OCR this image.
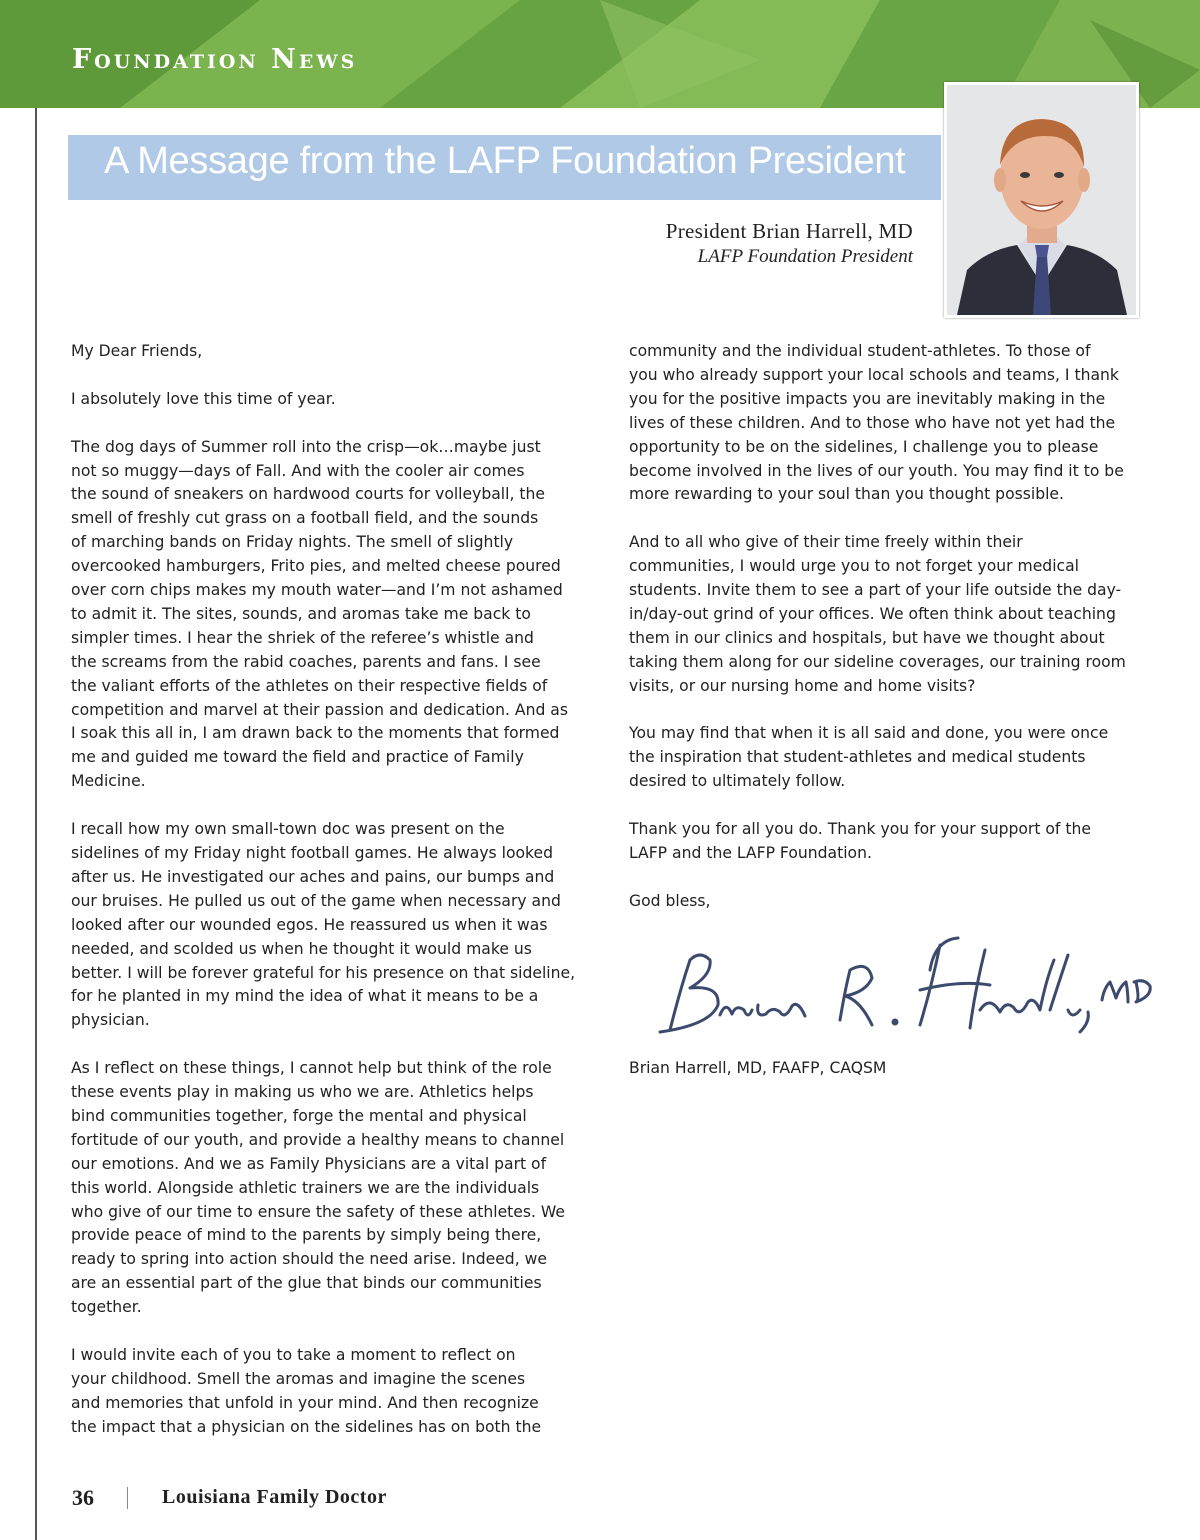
Foundation News
A Message from the LAFP Foundation President
President Brian Harrell, MD
LAFP Foundation President

My Dear Friends,

I absolutely love this time of year.

The dog days of Summer roll into the crisp—ok…maybe just
not so muggy—days of Fall. And with the cooler air comes
the sound of sneakers on hardwood courts for volleyball, the
smell of freshly cut grass on a football field, and the sounds
of marching bands on Friday nights. The smell of slightly
overcooked hamburgers, Frito pies, and melted cheese poured
over corn chips makes my mouth water—and I’m not ashamed
to admit it. The sites, sounds, and aromas take me back to
simpler times. I hear the shriek of the referee’s whistle and
the screams from the rabid coaches, parents and fans. I see
the valiant efforts of the athletes on their respective fields of
competition and marvel at their passion and dedication. And as
I soak this all in, I am drawn back to the moments that formed
me and guided me toward the field and practice of Family
Medicine.

I recall how my own small-town doc was present on the
sidelines of my Friday night football games. He always looked
after us. He investigated our aches and pains, our bumps and
our bruises. He pulled us out of the game when necessary and
looked after our wounded egos. He reassured us when it was
needed, and scolded us when he thought it would make us
better. I will be forever grateful for his presence on that sideline,
for he planted in my mind the idea of what it means to be a
physician.

As I reflect on these things, I cannot help but think of the role
these events play in making us who we are. Athletics helps
bind communities together, forge the mental and physical
fortitude of our youth, and provide a healthy means to channel
our emotions. And we as Family Physicians are a vital part of
this world. Alongside athletic trainers we are the individuals
who give of our time to ensure the safety of these athletes. We
provide peace of mind to the parents by simply being there,
ready to spring into action should the need arise. Indeed, we
are an essential part of the glue that binds our communities
together.

I would invite each of you to take a moment to reflect on
your childhood. Smell the aromas and imagine the scenes
and memories that unfold in your mind. And then recognize
the impact that a physician on the sidelines has on both the

community and the individual student-athletes. To those of
you who already support your local schools and teams, I thank
you for the positive impacts you are inevitably making in the
lives of these children. And to those who have not yet had the
opportunity to be on the sidelines, I challenge you to please
become involved in the lives of our youth. You may find it to be
more rewarding to your soul than you thought possible.

And to all who give of their time freely within their
communities, I would urge you to not forget your medical
students. Invite them to see a part of your life outside the day-
in/day-out grind of your offices. We often think about teaching
them in our clinics and hospitals, but have we thought about
taking them along for our sideline coverages, our training room
visits, or our nursing home and home visits?

You may find that when it is all said and done, you were once
the inspiration that student-athletes and medical students
desired to ultimately follow.

Thank you for all you do. Thank you for your support of the
LAFP and the LAFP Foundation.

God bless,

Brian Harrell, MD, FAAFP, CAQSM
36	Louisiana Family Doctor
